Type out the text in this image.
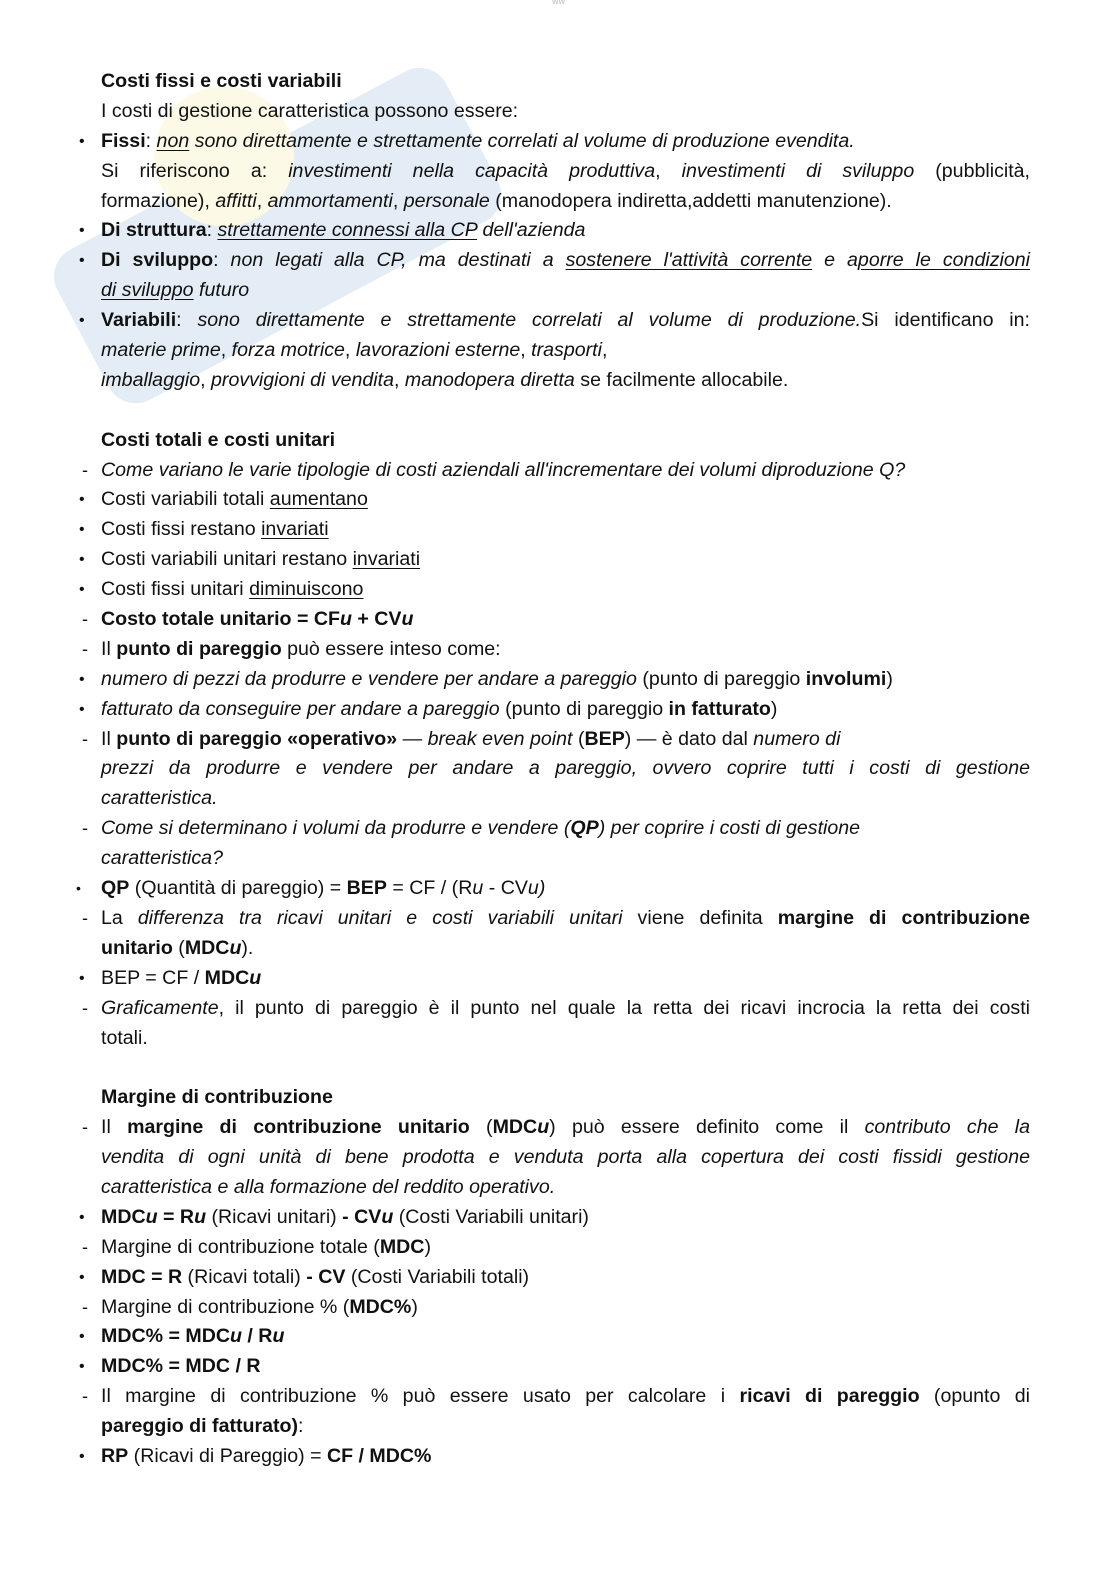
ww
Costi fissi e costi variabili
I costi di gestione caratteristica possono essere:
• Fissi: non sono direttamente e strettamente correlati al volume di produzione evendita.
Si riferiscono a: investimenti nella capacità produttiva, investimenti di sviluppo (pubblicità,
formazione), affitti, ammortamenti, personale (manodopera indiretta,addetti manutenzione).
• Di struttura: strettamente connessi alla CP dell'azienda
• Di sviluppo: non legati alla CP, ma destinati a sostenere l'attività corrente e aporre le condizioni
di sviluppo futuro
• Variabili: sono direttamente e strettamente correlati al volume di produzione.Si identificano in:
materie prime, forza motrice, lavorazioni esterne, trasporti,
imballaggio, provvigioni di vendita, manodopera diretta se facilmente allocabile.
Costi totali e costi unitari
- Come variano le varie tipologie di costi aziendali all'incrementare dei volumi diproduzione Q?
• Costi variabili totali aumentano
• Costi fissi restano invariati
• Costi variabili unitari restano invariati
• Costi fissi unitari diminuiscono
- Costo totale unitario = CFu + CVu
- Il punto di pareggio può essere inteso come:
• numero di pezzi da produrre e vendere per andare a pareggio (punto di pareggio involumi)
• fatturato da conseguire per andare a pareggio (punto di pareggio in fatturato)
- Il punto di pareggio «operativo» — break even point (BEP) — è dato dal numero di
prezzi da produrre e vendere per andare a pareggio, ovvero coprire tutti i costi di gestione
caratteristica.
- Come si determinano i volumi da produrre e vendere (QP) per coprire i costi di gestione
caratteristica?
• QP (Quantità di pareggio) = BEP = CF / (Ru - CVu)
- La differenza tra ricavi unitari e costi variabili unitari viene definita margine di contribuzione
unitario (MDCu).
• BEP = CF / MDCu
- Graficamente, il punto di pareggio è il punto nel quale la retta dei ricavi incrocia la retta dei costi
totali.
Margine di contribuzione
- Il margine di contribuzione unitario (MDCu) può essere definito come il contributo che la
vendita di ogni unità di bene prodotta e venduta porta alla copertura dei costi fissidi gestione
caratteristica e alla formazione del reddito operativo.
• MDCu = Ru (Ricavi unitari) - CVu (Costi Variabili unitari)
- Margine di contribuzione totale (MDC)
• MDC = R (Ricavi totali) - CV (Costi Variabili totali)
- Margine di contribuzione % (MDC%)
• MDC% = MDCu / Ru
• MDC% = MDC / R
- Il margine di contribuzione % può essere usato per calcolare i ricavi di pareggio (opunto di
pareggio di fatturato):
• RP (Ricavi di Pareggio) = CF / MDC%
